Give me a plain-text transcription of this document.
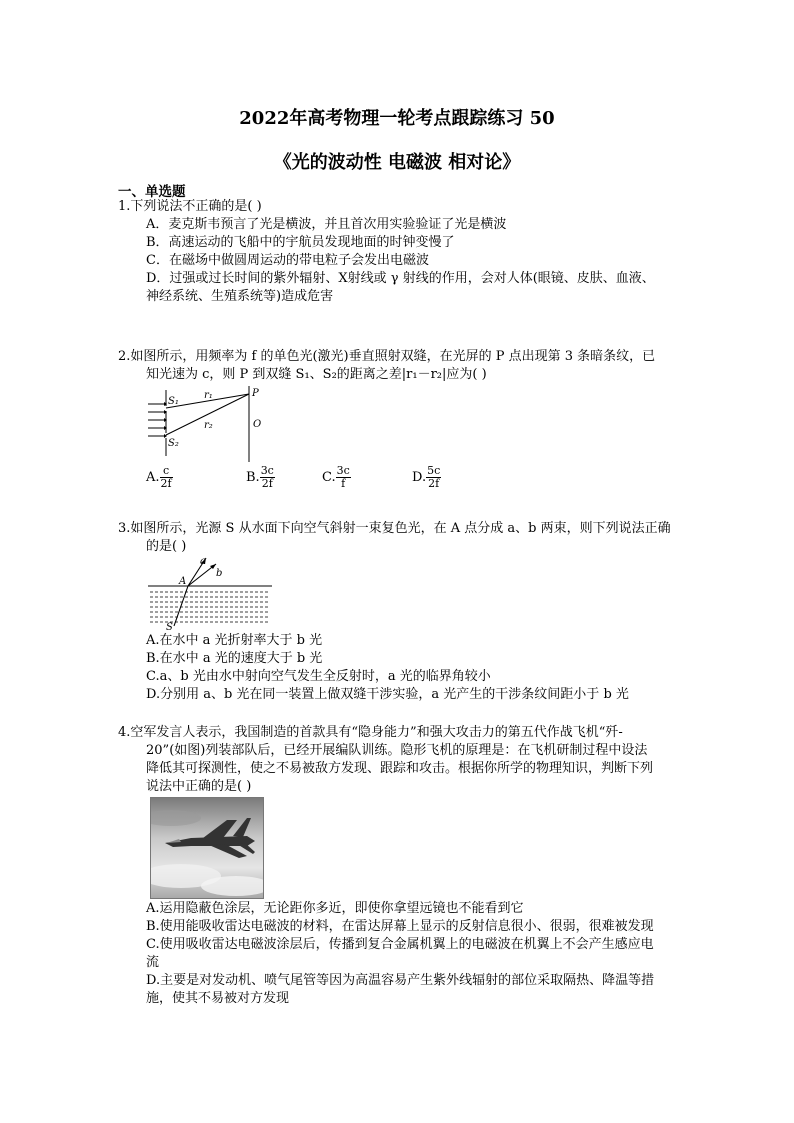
2022年高考物理一轮考点跟踪练习 50
《光的波动性 电磁波 相对论》
一、单选题
1.下列说法不正确的是( )
A．麦克斯韦预言了光是横波，并且首次用实验验证了光是横波
B．高速运动的飞船中的宇航员发现地面的时钟变慢了
C．在磁场中做圆周运动的带电粒子会发出电磁波
D．过强或过长时间的紫外辐射、X射线或 γ 射线的作用，会对人体(眼镜、皮肤、血液、
神经系统、生殖系统等)造成危害
2.如图所示，用频率为 f 的单色光(激光)垂直照射双缝，在光屏的 P 点出现第 3 条暗条纹，已
知光速为 c，则 P 到双缝 S₁、S₂的距离之差|r₁－r₂|应为( )
S₁
S₂
r₁
r₂
P
O
A. $\frac{c}{2f}$	B. $\frac{3c}{2f}$	C. $\frac{3c}{f}$	D. $\frac{5c}{2f}$
3.如图所示，光源 S 从水面下向空气斜射一束复色光，在 A 点分成 a、b 两束，则下列说法正确
的是( )
a
b
A
S
A.在水中 a 光折射率大于 b 光
B.在水中 a 光的速度大于 b 光
C.a、b 光由水中射向空气发生全反射时，a 光的临界角较小
D.分别用 a、b 光在同一装置上做双缝干涉实验，a 光产生的干涉条纹间距小于 b 光
4.空军发言人表示，我国制造的首款具有“隐身能力”和强大攻击力的第五代作战飞机“歼-
20”(如图)列装部队后，已经开展编队训练。隐形飞机的原理是：在飞机研制过程中设法
降低其可探测性，使之不易被敌方发现、跟踪和攻击。根据你所学的物理知识，判断下列
说法中正确的是( )
A.运用隐蔽色涂层，无论距你多近，即使你拿望远镜也不能看到它
B.使用能吸收雷达电磁波的材料，在雷达屏幕上显示的反射信息很小、很弱，很难被发现
C.使用吸收雷达电磁波涂层后，传播到复合金属机翼上的电磁波在机翼上不会产生感应电
流
D.主要是对发动机、喷气尾管等因为高温容易产生紫外线辐射的部位采取隔热、降温等措
施，使其不易被对方发现
